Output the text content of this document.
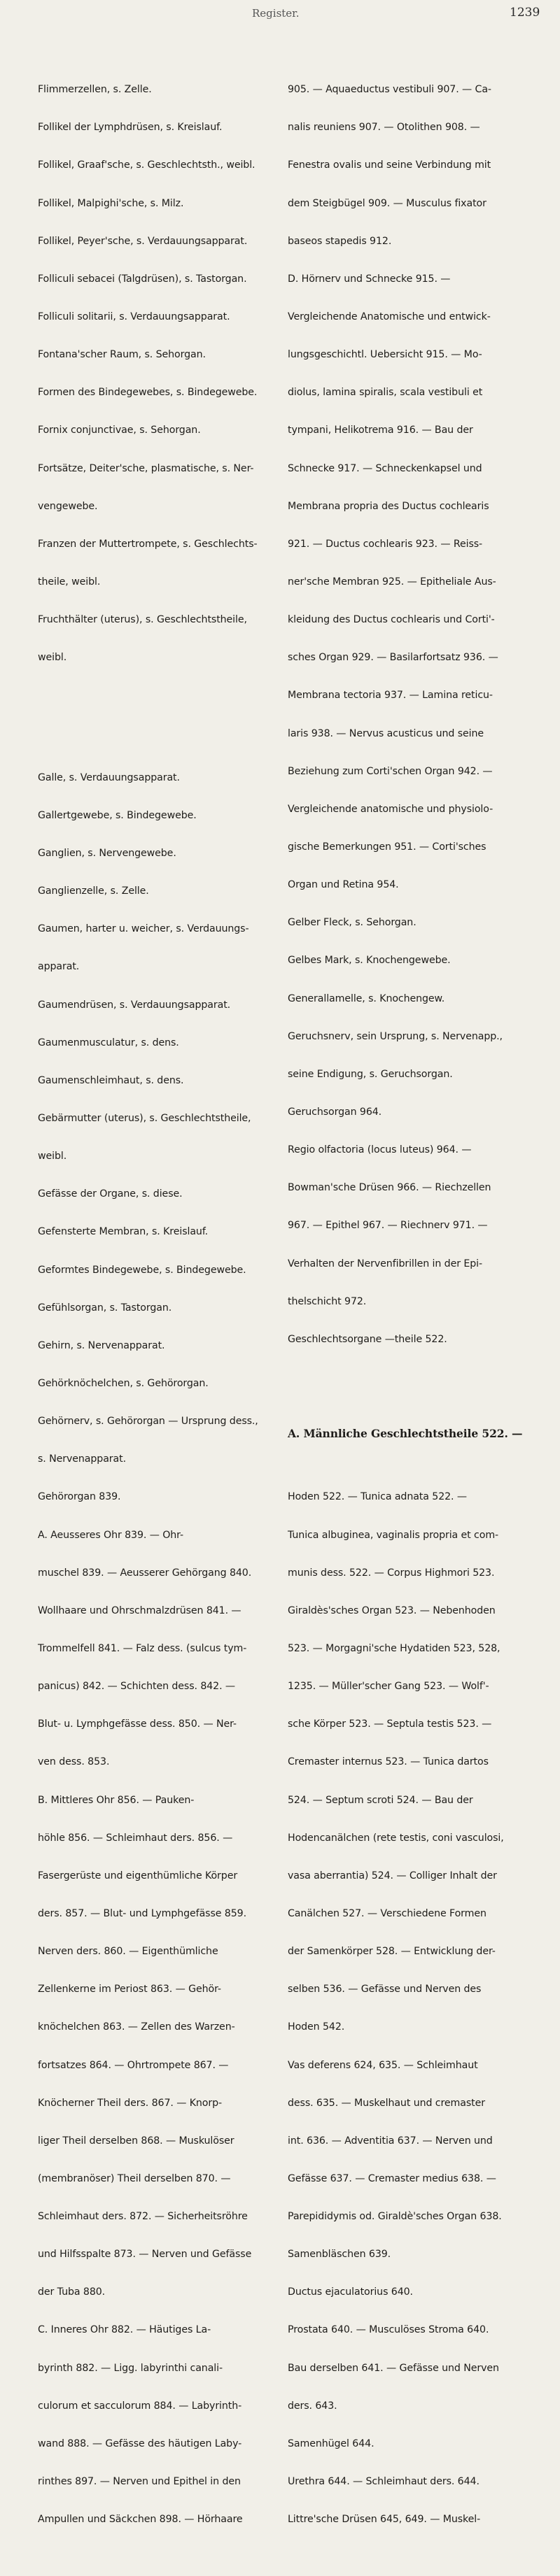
Register.	1239

Flimmerzellen, s. Zelle.

Follikel der Lymphdrüsen, s. Kreislauf.

Follikel, Graaf'sche, s. Geschlechtsth., weibl.

Follikel, Malpighi'sche, s. Milz.

Follikel, Peyer'sche, s. Verdauungsapparat.

Folliculi sebacei (Talgdrüsen), s. Tastorgan.

Folliculi solitarii, s. Verdauungsapparat.

Fontana'scher Raum, s. Sehorgan.

Formen des Bindegewebes, s. Bindegewebe.

Fornix conjunctivae, s. Sehorgan.

Fortsätze, Deiter'sche, plasmatische, s. Ner-

vengewebe.

Franzen der Muttertrompete, s. Geschlechts-

theile, weibl.

Fruchthälter (uterus), s. Geschlechtstheile,

weibl.

Galle, s. Verdauungsapparat.

Gallertgewebe, s. Bindegewebe.

Ganglien, s. Nervengewebe.

Ganglienzelle, s. Zelle.

Gaumen, harter u. weicher, s. Verdauungs-

apparat.

Gaumendrüsen, s. Verdauungsapparat.

Gaumenmusculatur, s. dens.

Gaumenschleimhaut, s. dens.

Gebärmutter (uterus), s. Geschlechtstheile,

weibl.

Gefässe der Organe, s. diese.

Gefensterte Membran, s. Kreislauf.

Geformtes Bindegewebe, s. Bindegewebe.

Gefühlsorgan, s. Tastorgan.

Gehirn, s. Nervenapparat.

Gehörknöchelchen, s. Gehörorgan.

Gehörnerv, s. Gehörorgan — Ursprung dess.,

s. Nervenapparat.

Gehörorgan 839.

A. Aeusseres Ohr 839. — Ohr-

muschel 839. — Aeusserer Gehörgang 840.

Wollhaare und Ohrschmalzdrüsen 841. —

Trommelfell 841. — Falz dess. (sulcus tym-

panicus) 842. — Schichten dess. 842. —

Blut- u. Lymphgefässe dess. 850. — Ner-

ven dess. 853.

B. Mittleres Ohr 856. — Pauken-

höhle 856. — Schleimhaut ders. 856. —

Fasergerüste und eigenthümliche Körper

ders. 857. — Blut- und Lymphgefässe 859.

Nerven ders. 860. — Eigenthümliche

Zellenkerne im Periost 863. — Gehör-

knöchelchen 863. — Zellen des Warzen-

fortsatzes 864. — Ohrtrompete 867. —

Knöcherner Theil ders. 867. — Knorp-

liger Theil derselben 868. — Muskulöser

(membranöser) Theil derselben 870. —

Schleimhaut ders. 872. — Sicherheitsröhre

und Hilfsspalte 873. — Nerven und Gefässe

der Tuba 880.

C. Inneres Ohr 882. — Häutiges La-

byrinth 882. — Ligg. labyrinthi canali-

culorum et sacculorum 884. — Labyrinth-

wand 888. — Gefässe des häutigen Laby-

rinthes 897. — Nerven und Epithel in den

Ampullen und Säckchen 898. — Hörhaare

905. — Aquaeductus vestibuli 907. — Ca-

nalis reuniens 907. — Otolithen 908. —

Fenestra ovalis und seine Verbindung mit

dem Steigbügel 909. — Musculus fixator

baseos stapedis 912.

D. Hörnerv und Schnecke 915. —

Vergleichende Anatomische und entwick-

lungsgeschichtl. Uebersicht 915. — Mo-

diolus, lamina spiralis, scala vestibuli et

tympani, Helikotrema 916. — Bau der

Schnecke 917. — Schneckenkapsel und

Membrana propria des Ductus cochlearis

921. — Ductus cochlearis 923. — Reiss-

ner'sche Membran 925. — Epitheliale Aus-

kleidung des Ductus cochlearis und Corti'-

sches Organ 929. — Basilarfortsatz 936. —

Membrana tectoria 937. — Lamina reticu-

laris 938. — Nervus acusticus und seine

Beziehung zum Corti'schen Organ 942. —

Vergleichende anatomische und physiolo-

gische Bemerkungen 951. — Corti'sches

Organ und Retina 954.

Gelber Fleck, s. Sehorgan.

Gelbes Mark, s. Knochengewebe.

Generallamelle, s. Knochengew.

Geruchsnerv, sein Ursprung, s. Nervenapp.,

seine Endigung, s. Geruchsorgan.

Geruchsorgan 964.

Regio olfactoria (locus luteus) 964. —

Bowman'sche Drüsen 966. — Riechzellen

967. — Epithel 967. — Riechnerv 971. —

Verhalten der Nervenfibrillen in der Epi-

thelschicht 972.

Geschlechtsorgane —theile 522.

A. Männliche Geschlechtstheile 522. —

Hoden 522. — Tunica adnata 522. —

Tunica albuginea, vaginalis propria et com-

munis dess. 522. — Corpus Highmori 523.

Giraldès'sches Organ 523. — Nebenhoden

523. — Morgagni'sche Hydatiden 523, 528,

1235. — Müller'scher Gang 523. — Wolf'-

sche Körper 523. — Septula testis 523. —

Cremaster internus 523. — Tunica dartos

524. — Septum scroti 524. — Bau der

Hodencanälchen (rete testis, coni vasculosi,

vasa aberrantia) 524. — Colliger Inhalt der

Canälchen 527. — Verschiedene Formen

der Samenkörper 528. — Entwicklung der-

selben 536. — Gefässe und Nerven des

Hoden 542.

Vas deferens 624, 635. — Schleimhaut

dess. 635. — Muskelhaut und cremaster

int. 636. — Adventitia 637. — Nerven und

Gefässe 637. — Cremaster medius 638. —

Parepididymis od. Giraldè'sches Organ 638.

Samenbläschen 639.

Ductus ejaculatorius 640.

Prostata 640. — Musculöses Stroma 640.

Bau derselben 641. — Gefässe und Nerven

ders. 643.

Samenhügel 644.

Urethra 644. — Schleimhaut ders. 644.

Littre'sche Drüsen 645, 649. — Muskel-
